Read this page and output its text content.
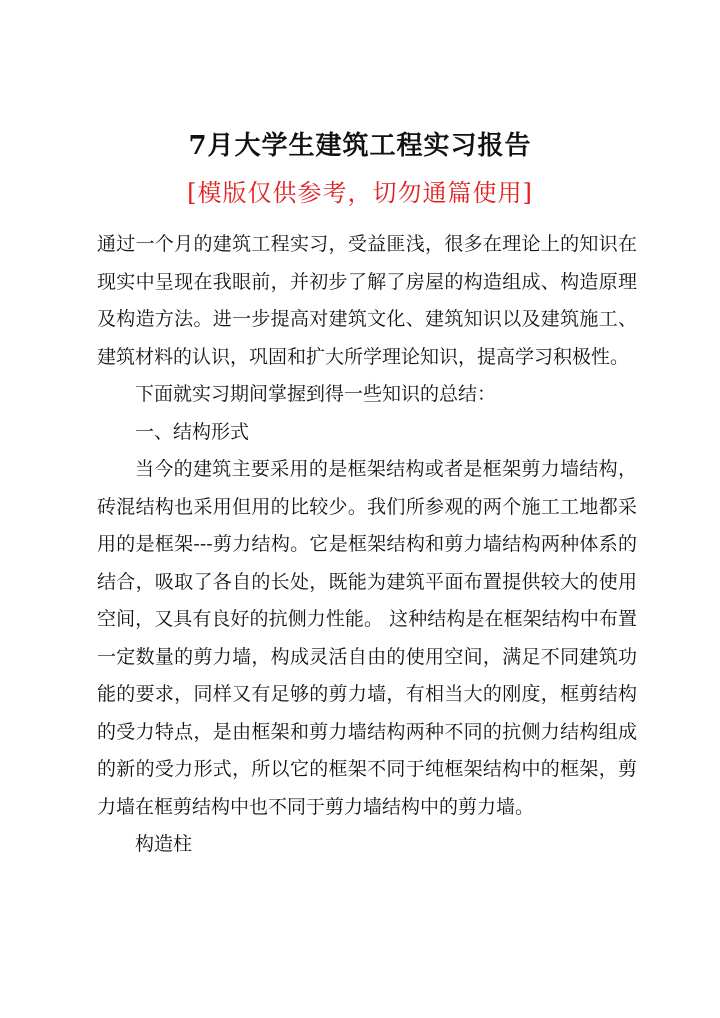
7月大学生建筑工程实习报告
[模版仅供参考，切勿通篇使用]

通过一个月的建筑工程实习，受益匪浅，很多在理论上的知识在现实中呈现在我眼前，并初步了解了房屋的构造组成、构造原理及构造方法。进一步提高对建筑文化、建筑知识以及建筑施工、建筑材料的认识，巩固和扩大所学理论知识，提高学习积极性。

下面就实习期间掌握到得一些知识的总结：

一、结构形式

当今的建筑主要采用的是框架结构或者是框架剪力墙结构，砖混结构也采用但用的比较少。我们所参观的两个施工工地都采用的是框架---剪力结构。它是框架结构和剪力墙结构两种体系的结合，吸取了各自的长处，既能为建筑平面布置提供较大的使用空间，又具有良好的抗侧力性能。 这种结构是在框架结构中布置一定数量的剪力墙，构成灵活自由的使用空间，满足不同建筑功能的要求，同样又有足够的剪力墙，有相当大的刚度，框剪结构的受力特点，是由框架和剪力墙结构两种不同的抗侧力结构组成的新的受力形式，所以它的框架不同于纯框架结构中的框架，剪力墙在框剪结构中也不同于剪力墙结构中的剪力墙。

构造柱
